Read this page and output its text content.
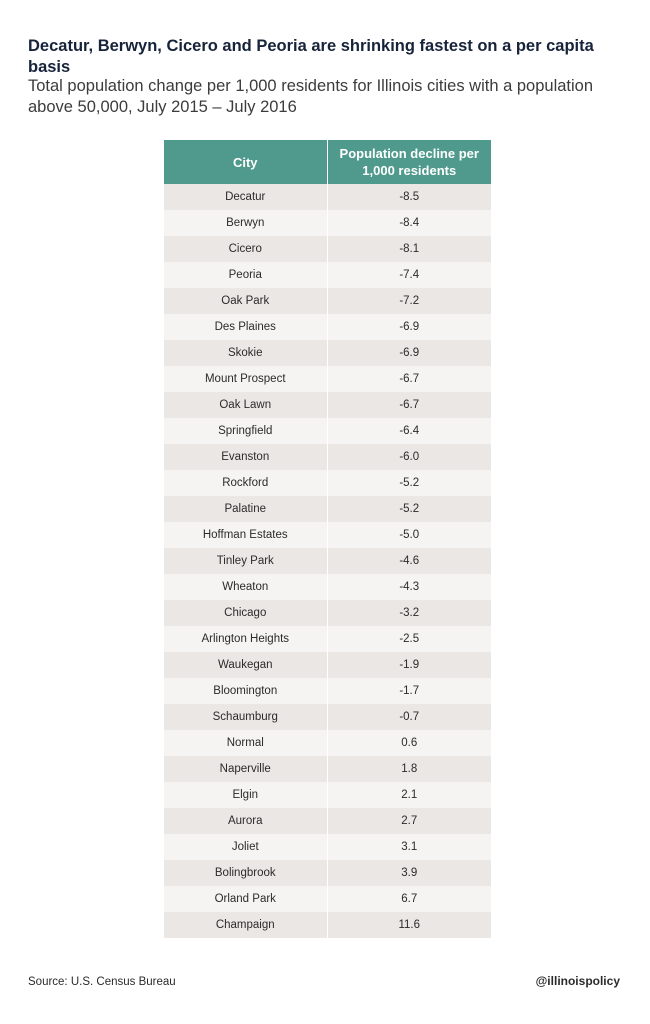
Decatur, Berwyn, Cicero and Peoria are shrinking fastest on a per capita basis
Total population change per 1,000 residents for Illinois cities with a population above 50,000, July 2015 – July 2016
City	Population decline per 1,000 residents
Decatur	-8.5
Berwyn	-8.4
Cicero	-8.1
Peoria	-7.4
Oak Park	-7.2
Des Plaines	-6.9
Skokie	-6.9
Mount Prospect	-6.7
Oak Lawn	-6.7
Springfield	-6.4
Evanston	-6.0
Rockford	-5.2
Palatine	-5.2
Hoffman Estates	-5.0
Tinley Park	-4.6
Wheaton	-4.3
Chicago	-3.2
Arlington Heights	-2.5
Waukegan	-1.9
Bloomington	-1.7
Schaumburg	-0.7
Normal	0.6
Naperville	1.8
Elgin	2.1
Aurora	2.7
Joliet	3.1
Bolingbrook	3.9
Orland Park	6.7
Champaign	11.6
Source: U.S. Census Bureau	@illinoispolicy
